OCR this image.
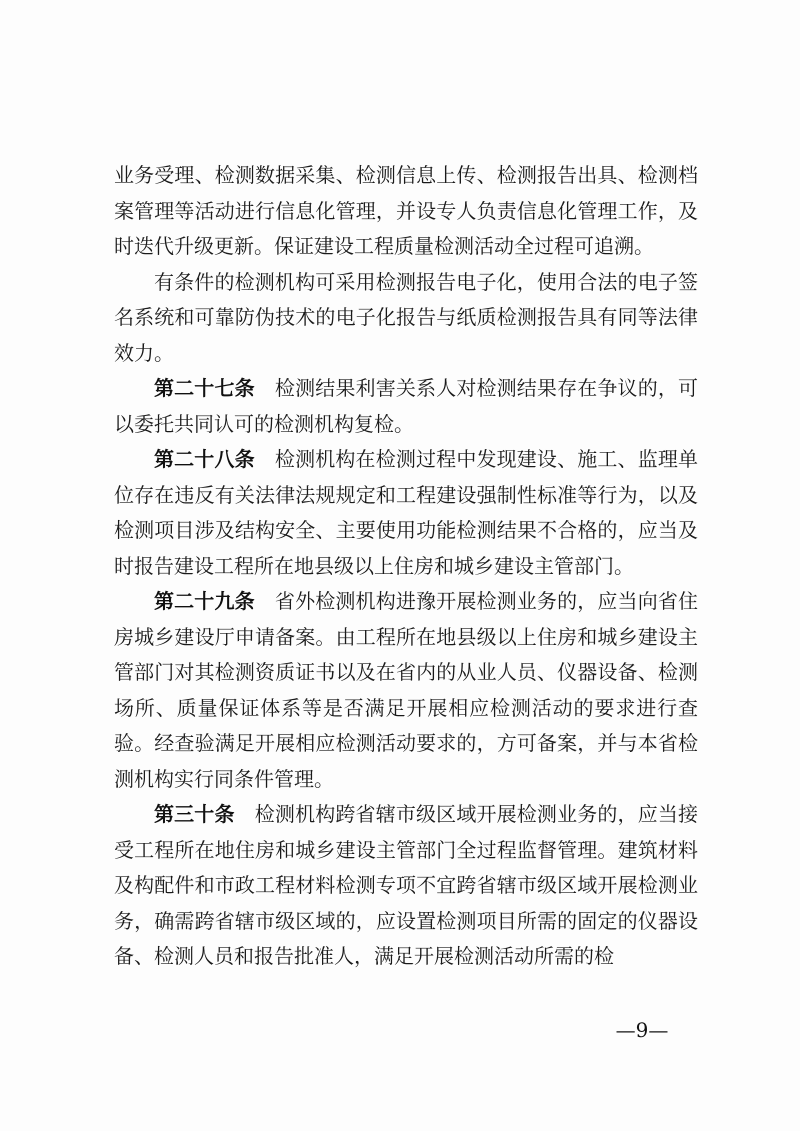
业务受理、检测数据采集、检测信息上传、检测报告出具、检测档案管理等活动进行信息化管理，并设专人负责信息化管理工作，及时迭代升级更新。保证建设工程质量检测活动全过程可追溯。

有条件的检测机构可采用检测报告电子化，使用合法的电子签名系统和可靠防伪技术的电子化报告与纸质检测报告具有同等法律效力。

第二十七条  检测结果利害关系人对检测结果存在争议的，可以委托共同认可的检测机构复检。

第二十八条  检测机构在检测过程中发现建设、施工、监理单位存在违反有关法律法规规定和工程建设强制性标准等行为，以及检测项目涉及结构安全、主要使用功能检测结果不合格的，应当及时报告建设工程所在地县级以上住房和城乡建设主管部门。

第二十九条  省外检测机构进豫开展检测业务的，应当向省住房城乡建设厅申请备案。由工程所在地县级以上住房和城乡建设主管部门对其检测资质证书以及在省内的从业人员、仪器设备、检测场所、质量保证体系等是否满足开展相应检测活动的要求进行查验。经查验满足开展相应检测活动要求的，方可备案，并与本省检测机构实行同条件管理。

第三十条  检测机构跨省辖市级区域开展检测业务的，应当接受工程所在地住房和城乡建设主管部门全过程监督管理。建筑材料及构配件和市政工程材料检测专项不宜跨省辖市级区域开展检测业务，确需跨省辖市级区域的，应设置检测项目所需的固定的仪器设备、检测人员和报告批准人，满足开展检测活动所需的检

—9—
